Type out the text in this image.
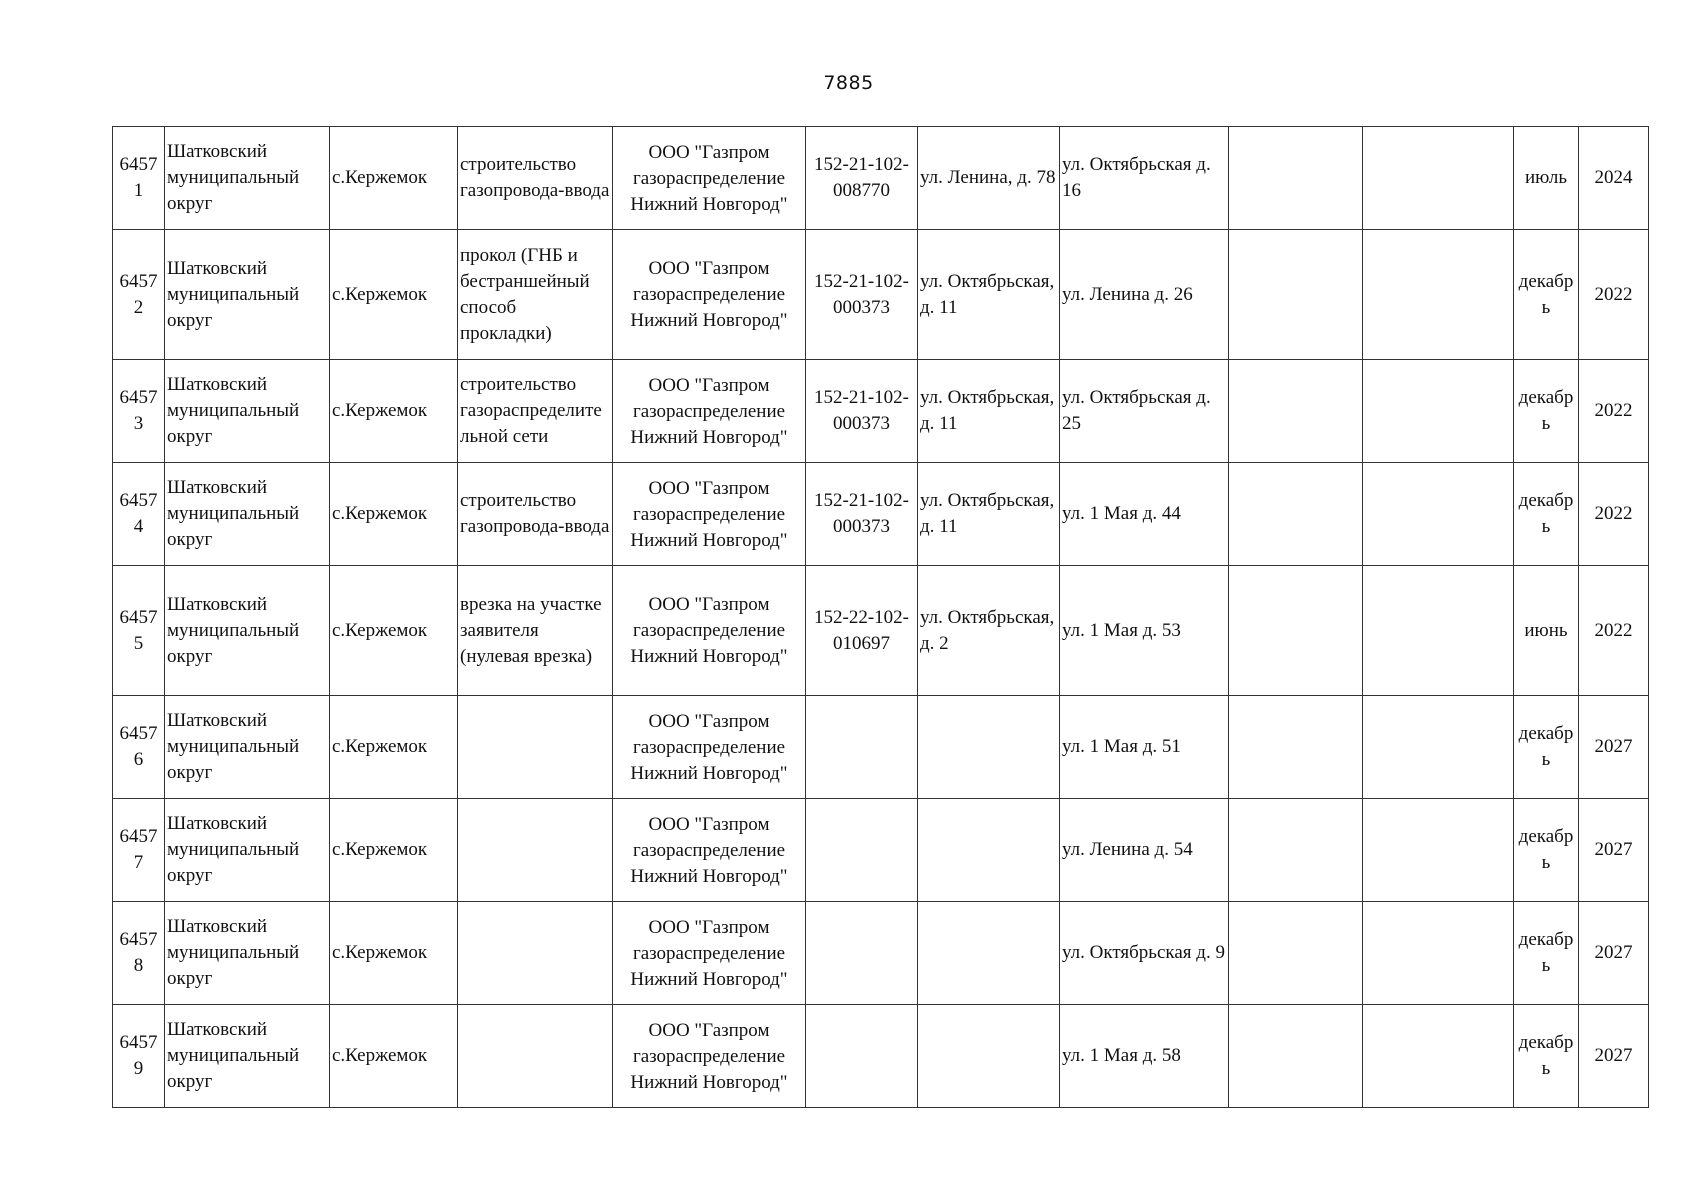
7885
64571	Шатковский муниципальный округ	с.Кержемок	строительство газопровода-ввода	ООО "Газпром газораспределение Нижний Новгород"	152-21-102-008770	ул. Ленина, д. 78	ул. Октябрьская д. 16			июль	2024
64572	Шатковский муниципальный округ	с.Кержемок	прокол (ГНБ и бестраншейный способ прокладки)	ООО "Газпром газораспределение Нижний Новгород"	152-21-102-000373	ул. Октябрьская, д. 11	ул. Ленина д. 26			декабрь	2022
64573	Шатковский муниципальный округ	с.Кержемок	строительство газораспределительной сети	ООО "Газпром газораспределение Нижний Новгород"	152-21-102-000373	ул. Октябрьская, д. 11	ул. Октябрьская д. 25			декабрь	2022
64574	Шатковский муниципальный округ	с.Кержемок	строительство газопровода-ввода	ООО "Газпром газораспределение Нижний Новгород"	152-21-102-000373	ул. Октябрьская, д. 11	ул. 1 Мая д. 44			декабрь	2022
64575	Шатковский муниципальный округ	с.Кержемок	врезка на участке заявителя (нулевая врезка)	ООО "Газпром газораспределение Нижний Новгород"	152-22-102-010697	ул. Октябрьская, д. 2	ул. 1 Мая д. 53			июнь	2022
64576	Шатковский муниципальный округ	с.Кержемок		ООО "Газпром газораспределение Нижний Новгород"			ул. 1 Мая д. 51			декабрь	2027
64577	Шатковский муниципальный округ	с.Кержемок		ООО "Газпром газораспределение Нижний Новгород"			ул. Ленина д. 54			декабрь	2027
64578	Шатковский муниципальный округ	с.Кержемок		ООО "Газпром газораспределение Нижний Новгород"			ул. Октябрьская д. 9			декабрь	2027
64579	Шатковский муниципальный округ	с.Кержемок		ООО "Газпром газораспределение Нижний Новгород"			ул. 1 Мая д. 58			декабрь	2027
